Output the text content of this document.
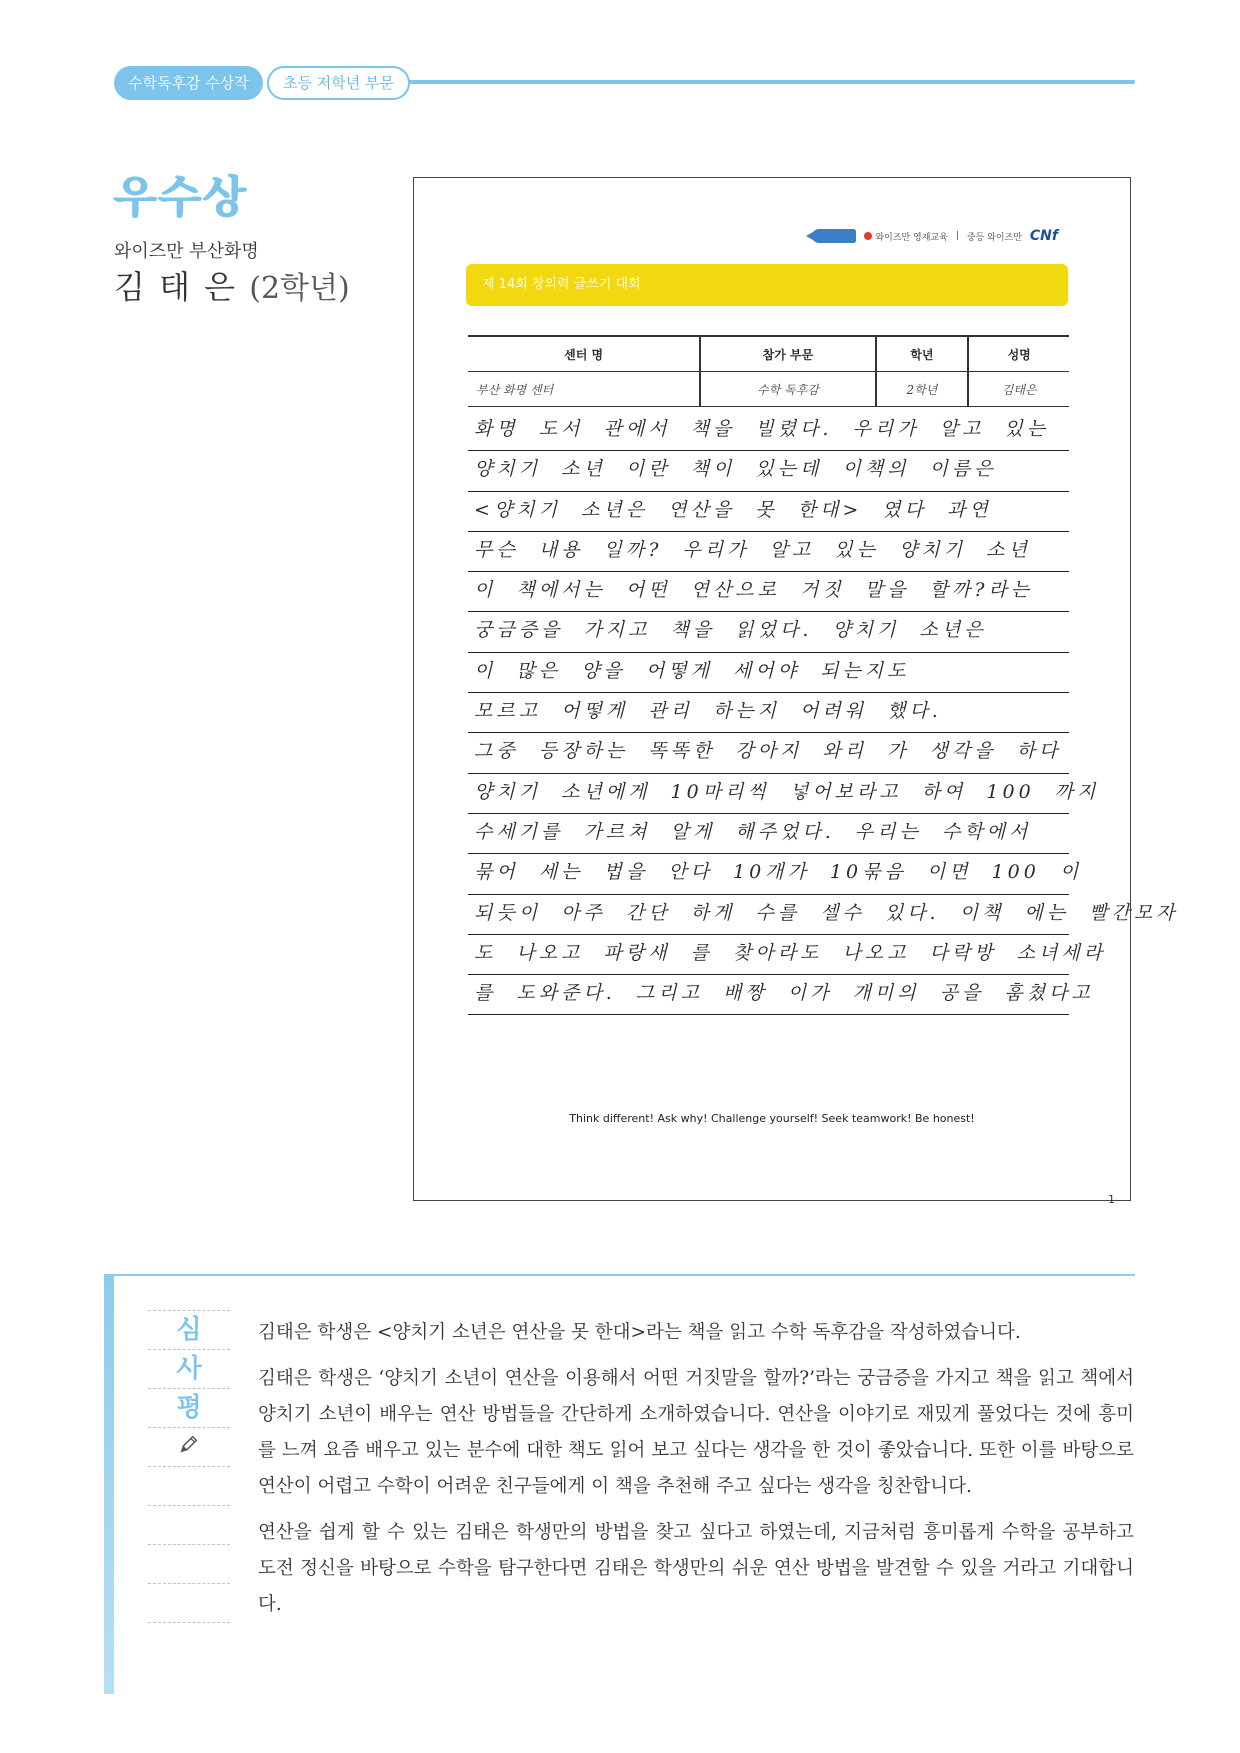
수학독후감 수상작	초등 저학년 부문
우수상
와이즈만 부산화명
김 태 은 (2학년)
와이즈만 영재교육 | 중등 와이즈만 CNf
제 14회 창의력 글쓰기 대회
센터 명	참가 부문	학년	성명
부산 화명 센터	수학 독후감	2학년	김태은
화명 도서 관에서 책을 빌렸다. 우리가 알고 있는
양치기 소년 이란 책이 있는데 이책의 이름은
<양치기 소년은 연산을 못 한대> 였다 과연
무슨 내용 일까? 우리가 알고 있는 양치기 소년
이 책에서는 어떤 연산으로 거짓 말을 할까?라는
궁금증을 가지고 책을 읽었다. 양치기 소년은
이 많은 양을 어떻게 세어야 되는지도
모르고 어떻게 관리 하는지 어려워 했다.
그중 등장하는 똑똑한 강아지 와리 가 생각을 하다
양치기 소년에게 10마리씩 넣어보라고 하여 100 까지
수세기를 가르쳐 알게 해주었다. 우리는 수학에서
묶어 세는 법을 안다 10개가 10묶음 이면 100 이
되듯이 아주 간단 하게 수를 셀수 있다. 이책 에는 빨간모자
도 나오고 파랑새 를 찾아라도 나오고 다락방 소녀세라
를 도와준다. 그리고 배짱 이가 개미의 공을 훔쳤다고
Think different! Ask why! Challenge yourself! Seek teamwork! Be honest!
1
심
사
평

김태은 학생은 <양치기 소년은 연산을 못 한대>라는 책을 읽고 수학 독후감을 작성하였습니다.

김태은 학생은 ‘양치기 소년이 연산을 이용해서 어떤 거짓말을 할까?’라는 궁금증을 가지고 책을 읽고 책에서 양치기 소년이 배우는 연산 방법들을 간단하게 소개하였습니다. 연산을 이야기로 재밌게 풀었다는 것에 흥미를 느껴 요즘 배우고 있는 분수에 대한 책도 읽어 보고 싶다는 생각을 한 것이 좋았습니다. 또한 이를 바탕으로 연산이 어렵고 수학이 어려운 친구들에게 이 책을 추천해 주고 싶다는 생각을 칭찬합니다.

연산을 쉽게 할 수 있는 김태은 학생만의 방법을 찾고 싶다고 하였는데, 지금처럼 흥미롭게 수학을 공부하고 도전 정신을 바탕으로 수학을 탐구한다면 김태은 학생만의 쉬운 연산 방법을 발견할 수 있을 거라고 기대합니다.
